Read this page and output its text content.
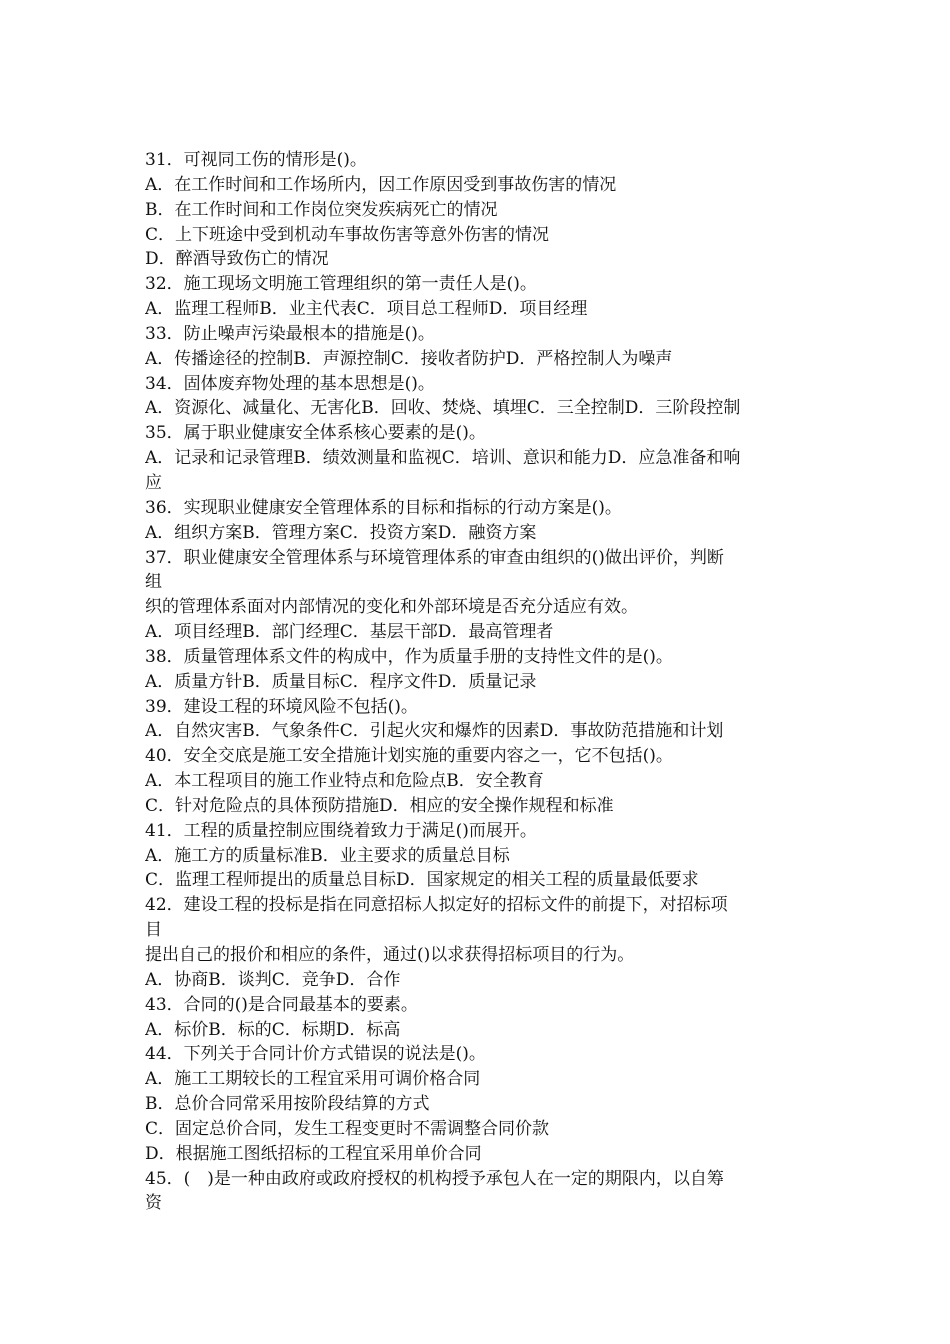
31．可视同工伤的情形是()。
A．在工作时间和工作场所内，因工作原因受到事故伤害的情况
B．在工作时间和工作岗位突发疾病死亡的情况
C．上下班途中受到机动车事故伤害等意外伤害的情况
D．醉酒导致伤亡的情况
32．施工现场文明施工管理组织的第一责任人是()。
A．监理工程师B．业主代表C．项目总工程师D．项目经理
33．防止噪声污染最根本的措施是()。
A．传播途径的控制B．声源控制C．接收者防护D．严格控制人为噪声
34．固体废弃物处理的基本思想是()。
A．资源化、减量化、无害化B．回收、焚烧、填埋C．三全控制D．三阶段控制
35．属于职业健康安全体系核心要素的是()。
A．记录和记录管理B．绩效测量和监视C．培训、意识和能力D．应急准备和响
应
36．实现职业健康安全管理体系的目标和指标的行动方案是()。
A．组织方案B．管理方案C．投资方案D．融资方案
37．职业健康安全管理体系与环境管理体系的审查由组织的()做出评价，判断
组
织的管理体系面对内部情况的变化和外部环境是否充分适应有效。
A．项目经理B．部门经理C．基层干部D．最高管理者
38．质量管理体系文件的构成中，作为质量手册的支持性文件的是()。
A．质量方针B．质量目标C．程序文件D．质量记录
39．建设工程的环境风险不包括()。
A．自然灾害B．气象条件C．引起火灾和爆炸的因素D．事故防范措施和计划
40．安全交底是施工安全措施计划实施的重要内容之一，它不包括()。
A．本工程项目的施工作业特点和危险点B．安全教育
C．针对危险点的具体预防措施D．相应的安全操作规程和标准
41．工程的质量控制应围绕着致力于满足()而展开。
A．施工方的质量标准B．业主要求的质量总目标
C．监理工程师提出的质量总目标D．国家规定的相关工程的质量最低要求
42．建设工程的投标是指在同意招标人拟定好的招标文件的前提下，对招标项
目
提出自己的报价和相应的条件，通过()以求获得招标项目的行为。
A．协商B．谈判C．竞争D．合作
43．合同的()是合同最基本的要素。
A．标价B．标的C．标期D．标高
44．下列关于合同计价方式错误的说法是()。
A．施工工期较长的工程宜采用可调价格合同
B．总价合同常采用按阶段结算的方式
C．固定总价合同，发生工程变更时不需调整合同价款
D．根据施工图纸招标的工程宜采用单价合同
45．(　)是一种由政府或政府授权的机构授予承包人在一定的期限内，以自筹
资
